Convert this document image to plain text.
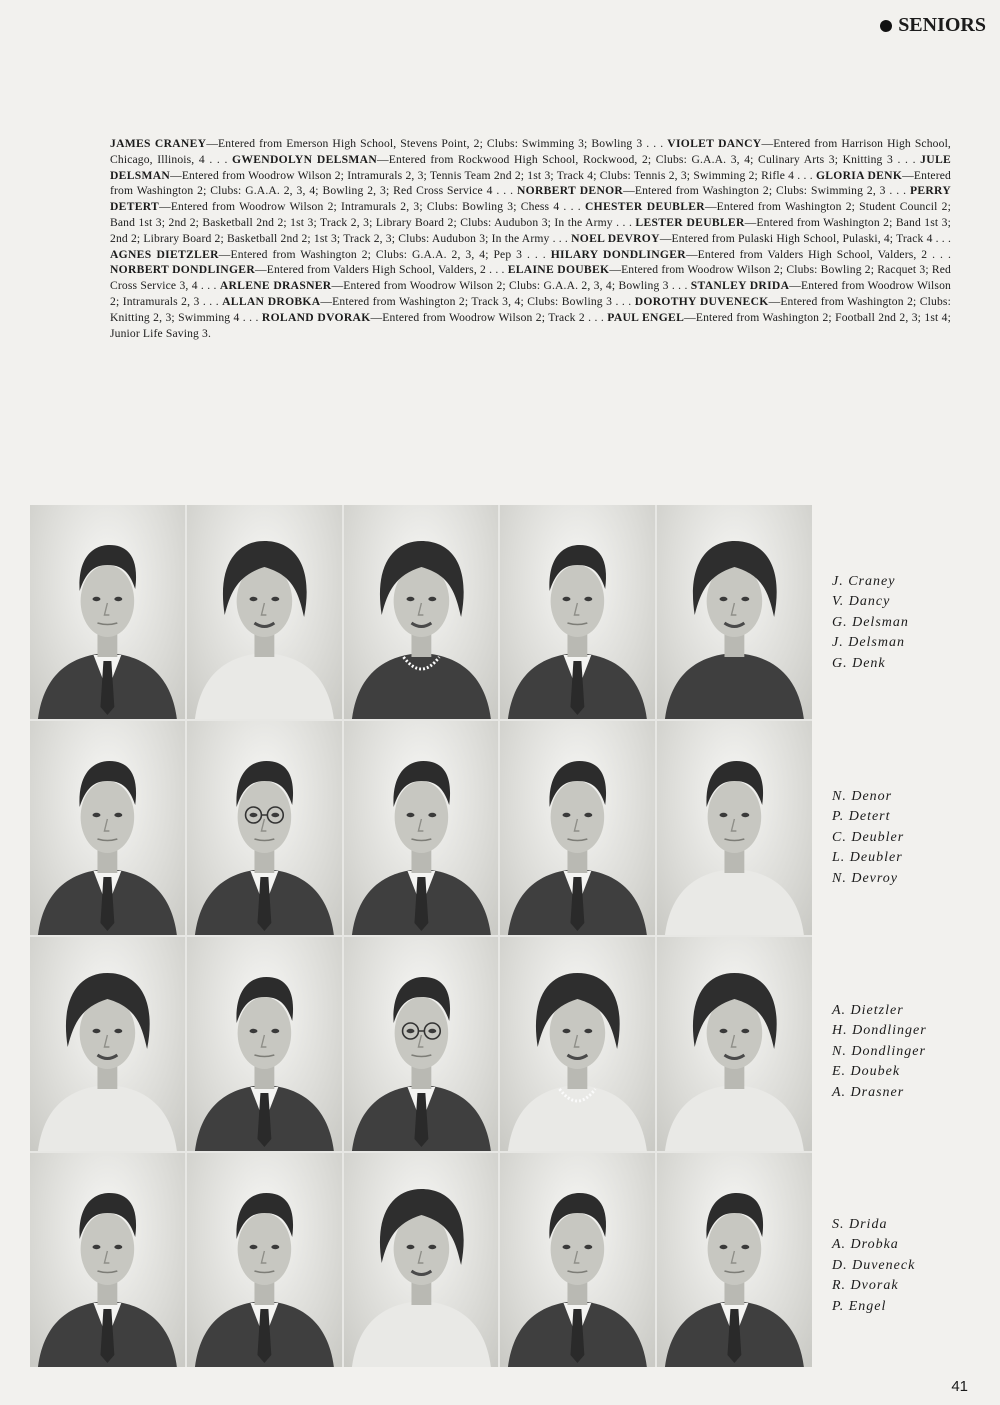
SENIORS
JAMES CRANEY—Entered from Emerson High School, Stevens Point, 2; Clubs: Swimming 3; Bowling 3 . . . VIOLET DANCY—Entered from Harrison High School, Chicago, Illinois, 4 . . . GWENDOLYN DELSMAN—Entered from Rockwood High School, Rockwood, 2; Clubs: G.A.A. 3, 4; Culinary Arts 3; Knitting 3 . . . JULE DELSMAN—Entered from Woodrow Wilson 2; Intramurals 2, 3; Tennis Team 2nd 2; 1st 3; Track 4; Clubs: Tennis 2, 3; Swimming 2; Rifle 4 . . . GLORIA DENK—Entered from Washington 2; Clubs: G.A.A. 2, 3, 4; Bowling 2, 3; Red Cross Service 4 . . . NORBERT DENOR—Entered from Washington 2; Clubs: Swimming 2, 3 . . . PERRY DETERT—Entered from Woodrow Wilson 2; Intramurals 2, 3; Clubs: Bowling 3; Chess 4 . . . CHESTER DEUBLER—Entered from Washington 2; Student Council 2; Band 1st 3; 2nd 2; Basketball 2nd 2; 1st 3; Track 2, 3; Library Board 2; Clubs: Audubon 3; In the Army . . . LESTER DEUBLER—Entered from Washington 2; Band 1st 3; 2nd 2; Library Board 2; Basketball 2nd 2; 1st 3; Track 2, 3; Clubs: Audubon 3; In the Army . . . NOEL DEVROY—Entered from Pulaski High School, Pulaski, 4; Track 4 . . . AGNES DIETZLER—Entered from Washington 2; Clubs: G.A.A. 2, 3, 4; Pep 3 . . . HILARY DONDLINGER—Entered from Valders High School, Valders, 2 . . . NORBERT DONDLINGER—Entered from Valders High School, Valders, 2 . . . ELAINE DOUBEK—Entered from Woodrow Wilson 2; Clubs: Bowling 2; Racquet 3; Red Cross Service 3, 4 . . . ARLENE DRASNER—Entered from Woodrow Wilson 2; Clubs: G.A.A. 2, 3, 4; Bowling 3 . . . STANLEY DRIDA—Entered from Woodrow Wilson 2; Intramurals 2, 3 . . . ALLAN DROBKA—Entered from Washington 2; Track 3, 4; Clubs: Bowling 3 . . . DOROTHY DUVENECK—Entered from Washington 2; Clubs: Knitting 2, 3; Swimming 4 . . . ROLAND DVORAK—Entered from Woodrow Wilson 2; Track 2 . . . PAUL ENGEL—Entered from Washington 2; Football 2nd 2, 3; 1st 4; Junior Life Saving 3.
J. Craney
V. Dancy
G. Delsman
J. Delsman
G. Denk
N. Denor
P. Detert
C. Deubler
L. Deubler
N. Devroy
A. Dietzler
H. Dondlinger
N. Dondlinger
E. Doubek
A. Drasner
S. Drida
A. Drobka
D. Duveneck
R. Dvorak
P. Engel
41
